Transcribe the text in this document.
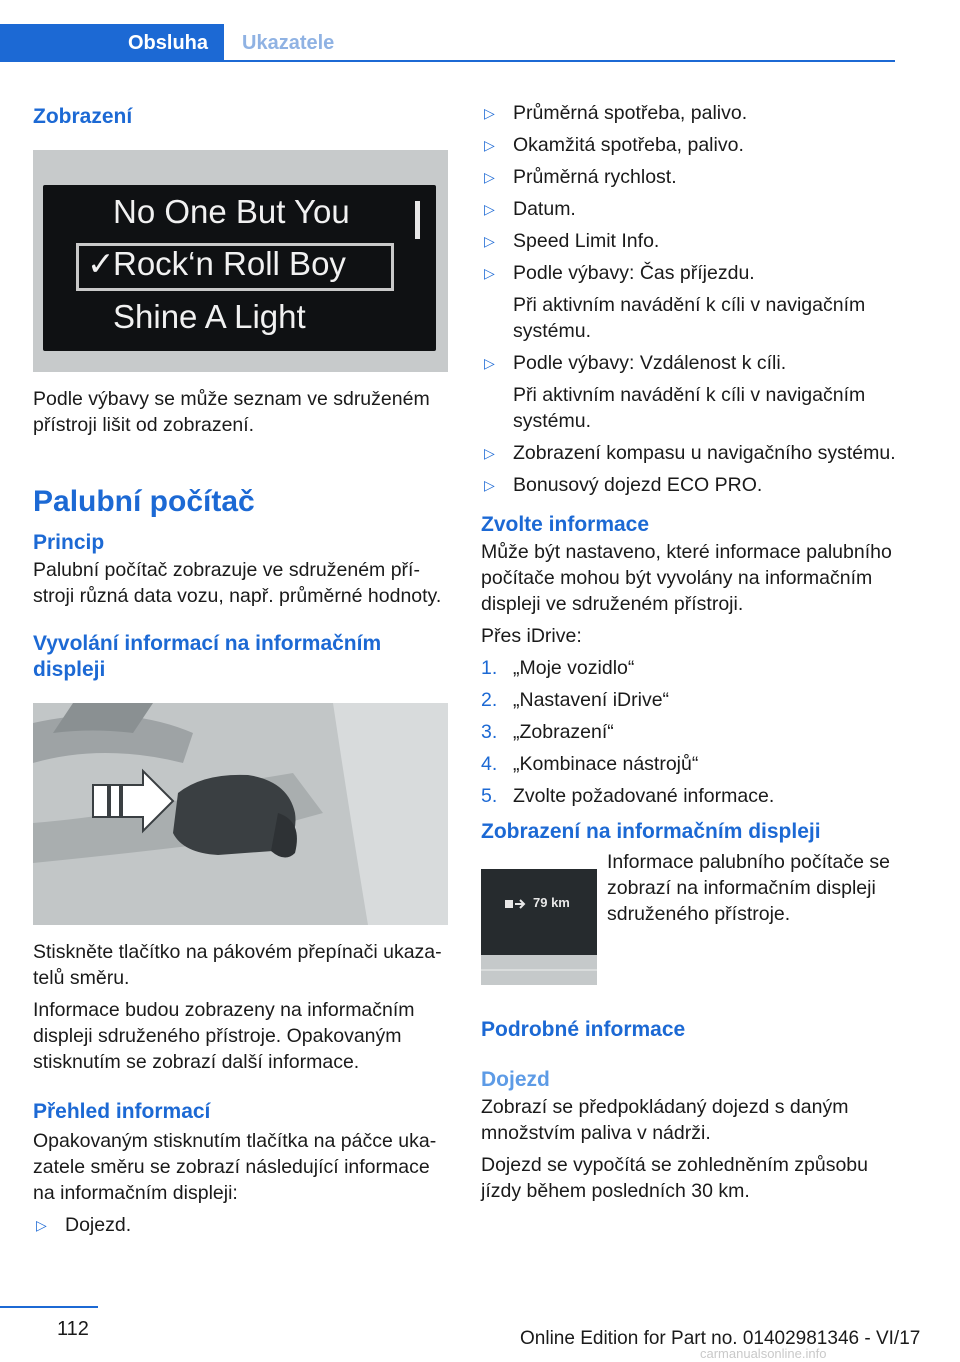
Obsluha	Ukazatele
Zobrazení
No One But You
✓
Rock‘n Roll Boy
Shine A Light

Podle výbavy se může seznam ve sdruženém přístroji lišit od zobrazení.

Palubní počítač
Princip

Palubní počítač zobrazuje ve sdruženém přístroji různá data vozu, např. průměrné hodnoty.

Vyvolání informací na informačním displeji

Stiskněte tlačítko na pákovém přepínači ukazatelů směru.

Informace budou zobrazeny na informačním displeji sdruženého přístroje. Opakovaným stisknutím se zobrazí další informace.

Přehled informací

Opakovaným stisknutím tlačítka na páčce ukazatele směru se zobrazí následující informace na informačním displeji:

▷ Dojezd.
▷ Průměrná spotřeba, palivo.
▷ Okamžitá spotřeba, palivo.
▷ Průměrná rychlost.
▷ Datum.
▷ Speed Limit Info.
▷ Podle výbavy: Čas příjezdu.
Při aktivním navádění k cíli v navigačním systému.
▷ Podle výbavy: Vzdálenost k cíli.
Při aktivním navádění k cíli v navigačním systému.
▷ Zobrazení kompasu u navigačního systému.
▷ Bonusový dojezd ECO PRO.
Zvolte informace

Může být nastaveno, které informace palubního počítače mohou být vyvolány na informačním displeji ve sdruženém přístroji.

Přes iDrive:

1. „Moje vozidlo“
2. „Nastavení iDrive“
3. „Zobrazení“
4. „Kombinace nástrojů“
5. Zvolte požadované informace.
Zobrazení na informačním displeji
79 km

Informace palubního počítače se zobrazí na informačním displeji sdruženého přístroje.

Podrobné informace
Dojezd

Zobrazí se předpokládaný dojezd s daným množstvím paliva v nádrži.

Dojezd se vypočítá se zohledněním způsobu jízdy během posledních 30 km.

112	Online Edition for Part no. 01402981346 - VI/17
carmanualsonline.info
